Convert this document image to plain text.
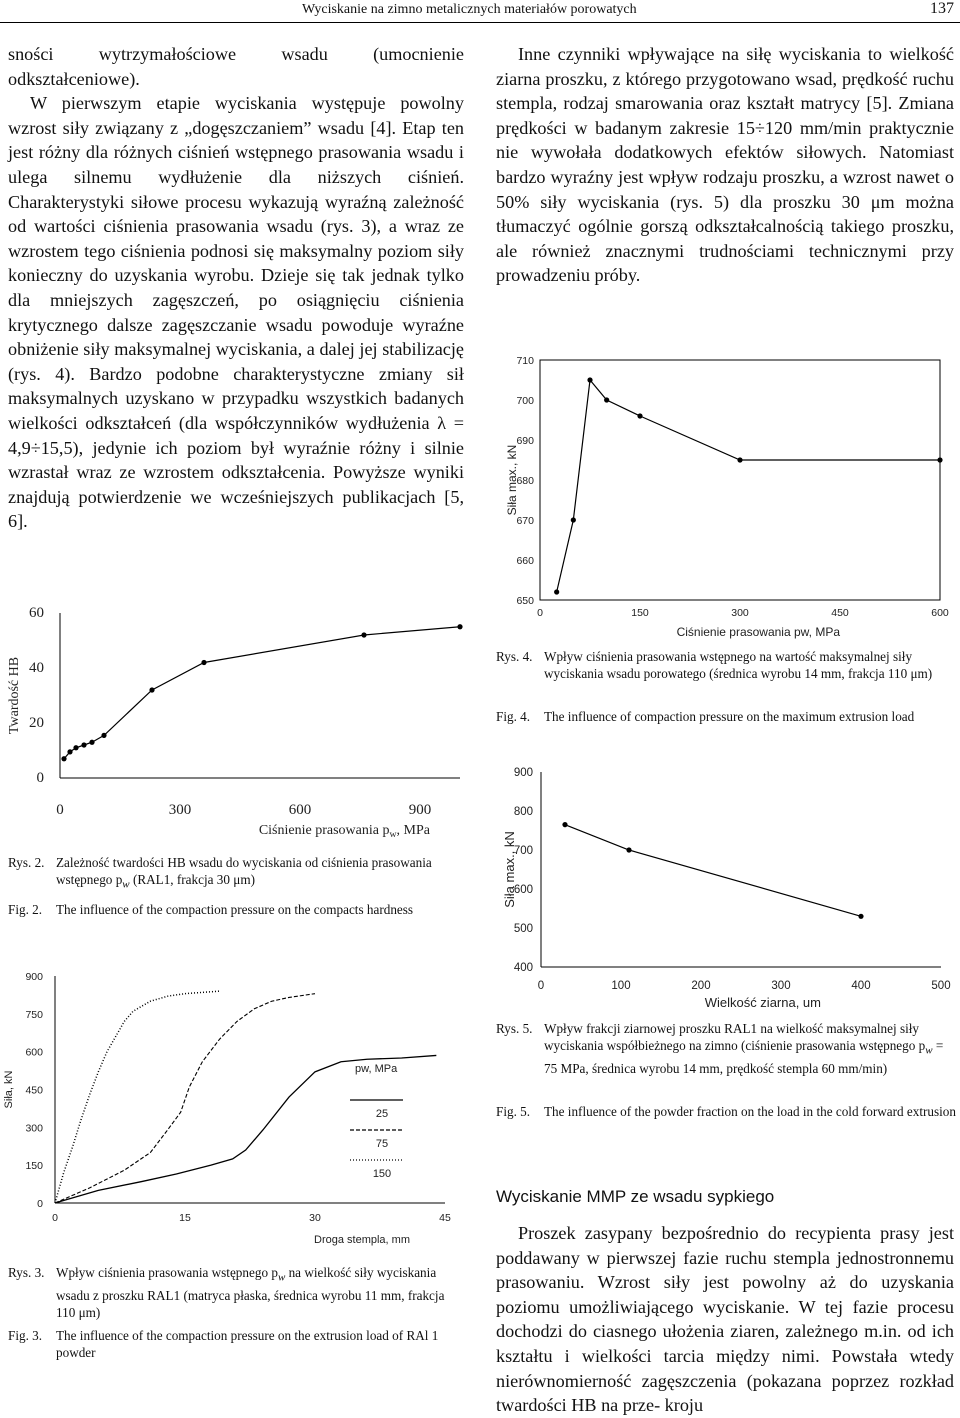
Wyciskanie na zimno metalicznych materiałów porowatych	137

sności wytrzymałościowe wsadu (umocnienie odkształceniowe).

W pierwszym etapie wyciskania występuje powolny wzrost siły związany z „dogęszczaniem” wsadu [4]. Etap ten jest różny dla różnych ciśnień wstępnego prasowania wsadu i ulega silnemu wydłużenie dla niższych ciśnień. Charakterystyki siłowe procesu wykazują wyraźną zależność od wartości ciśnienia prasowania wsadu (rys. 3), a wraz ze wzrostem tego ciśnienia podnosi się maksymalny poziom siły konieczny do uzyskania wyrobu. Dzieje się tak jednak tylko dla mniejszych zagęszczeń, po osiągnięciu ciśnienia krytycznego dalsze zagęszczanie wsadu powoduje wyraźne obniżenie siły maksymalnej wyciskania, a dalej jej stabilizację (rys. 4). Bardzo podobne charakterystyczne zmiany sił maksymalnych uzyskano w przypadku wszystkich badanych wielkości odkształceń (dla współczynników wydłużenia λ = 4,9÷15,5), jedynie ich poziom był wyraźnie różny i silnie wzrastał wraz ze wzrostem odkształcenia. Powyższe wyniki znajdują potwierdzenie we wcześniejszych publikacjach [5, 6].

Inne czynniki wpływające na siłę wyciskania to wielkość ziarna proszku, z którego przygotowano wsad, prędkość ruchu stempla, rodzaj smarowania oraz kształt matrycy [5]. Zmiana prędkości w badanym zakresie 15÷120 mm/min praktycznie nie wywołała dodatkowych efektów siłowych. Natomiast bardzo wyraźny jest wpływ rodzaju proszku, a wzrost nawet o 50% siły wyciskania (rys. 5) dla proszku 30 μm można tłumaczyć ogólnie gorszą odkształcalnością takiego proszku, ale również znacznymi trudnościami technicznymi przy prowadzeniu próby.

0	150	300	450	600
650
660
670
680
690
700
710
Ciśnienie prasowania pw, MPa
Siła max., kN
Rys. 4. Wpływ ciśnienia prasowania wstępnego na wartość maksymalnej siły wyciskania wsadu porowatego (średnica wyrobu 14 mm, frakcja 110 μm)
Fig. 4. The influence of compaction pressure on the maximum extrusion load
0	300	600	900
0
20
40
60
Ciśnienie prasowania $p_w$, MPa
Twardość HB
Rys. 2. Zależność twardości HB wsadu do wyciskania od ciśnienia prasowania wstępnego $p_w$ (RAL1, frakcja 30 μm)
Fig. 2. The influence of the compaction pressure on the compacts hardness
0	100	200	300	400	500
400
500
600
700
800
900
Wielkość ziarna, um
Siła max., kN
Rys. 5. Wpływ frakcji ziarnowej proszku RAL1 na wielkość maksymalnej siły wyciskania współbieżnego na zimno (ciśnienie prasowania wstępnego $p_w = 75$ MPa, średnica wyrobu 14 mm, prędkość stempla 60 mm/min)
Fig. 5. The influence of the powder fraction on the load in the cold forward extrusion
0	15	30	45
0
150
300
450
600
750
900
Droga stempla, mm
Siła, kN
pw, MPa
25
75
150
Rys. 3. Wpływ ciśnienia prasowania wstępnego $p_w$ na wielkość siły wyciskania wsadu z proszku RAL1 (matryca płaska, średnica wyrobu 11 mm, frakcja 110 μm)
Fig. 3. The influence of the compaction pressure on the extrusion load of RAl 1 powder
Wyciskanie MMP ze wsadu sypkiego

Proszek zasypany bezpośrednio do recypienta prasy jest poddawany w pierwszej fazie ruchu stempla jednostronnemu prasowaniu. Wzrost siły jest powolny aż do uzyskania poziomu umożliwiającego wyciskanie. W tej fazie procesu dochodzi do ciasnego ułożenia ziaren, zależnego m.in. od ich kształtu i wielkości tarcia między nimi. Powstała wtedy nierównomierność zagęszczenia (pokazana poprzez rozkład twardości HB na prze- kroju
